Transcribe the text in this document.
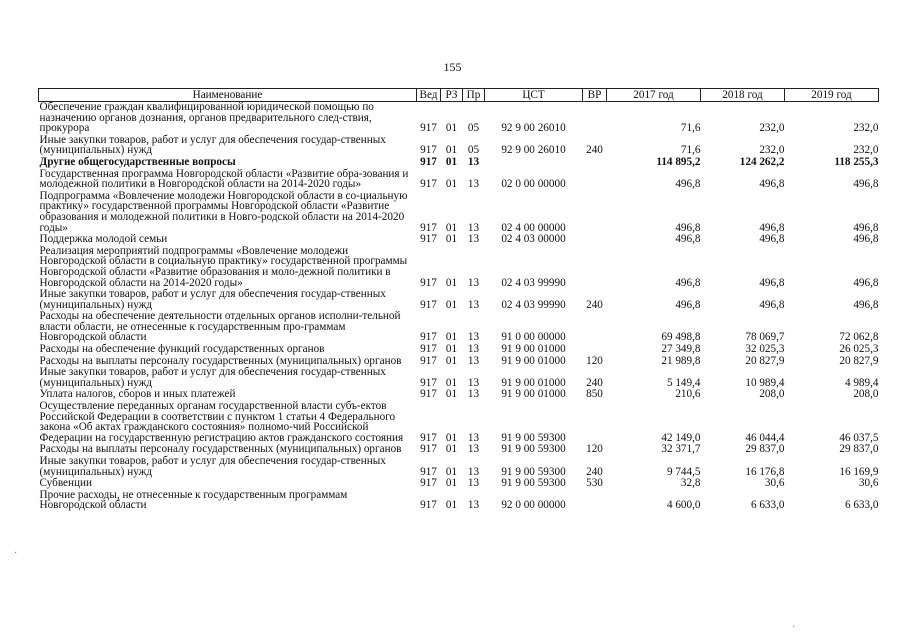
155
Наименование	Вед	РЗ	Пр	ЦСТ	ВР	2017 год	2018 год	2019 год
Обеспечение граждан квалифицированной юридической помощью по назначению органов дознания, органов предварительного след-ствия, прокурора	917	01	05	92 9 00 26010		71,6	232,0	232,0
Иные закупки товаров, работ и услуг для обеспечения государ-ственных (муниципальных) нужд	917	01	05	92 9 00 26010	240	71,6	232,0	232,0
Другие общегосударственные вопросы	917	01	13			114 895,2	124 262,2	118 255,3
Государственная программа Новгородской области «Развитие обра-зования и молодежной политики в Новгородской области на 2014-2020 годы»	917	01	13	02 0 00 00000		496,8	496,8	496,8
Подпрограмма «Вовлечение молодежи Новгородской области в со-циальную практику» государственной программы Новгородской области «Развитие образования и молодежной политики в Новго-родской области на 2014-2020 годы»	917	01	13	02 4 00 00000		496,8	496,8	496,8
Поддержка молодой семьи	917	01	13	02 4 03 00000		496,8	496,8	496,8
Реализация мероприятий подпрограммы «Вовлечение молодежи Новгородской области в социальную практику» государственной программы Новгородской области «Развитие образования и моло-дежной политики в Новгородской области на 2014-2020 годы»	917	01	13	02 4 03 99990		496,8	496,8	496,8
Иные закупки товаров, работ и услуг для обеспечения государ-ственных (муниципальных) нужд	917	01	13	02 4 03 99990	240	496,8	496,8	496,8
Расходы на обеспечение деятельности отдельных органов исполни-тельной власти области, не отнесенные к государственным про-граммам Новгородской области	917	01	13	91 0 00 00000		69 498,8	78 069,7	72 062,8
Расходы на обеспечение функций государственных органов	917	01	13	91 9 00 01000		27 349,8	32 025,3	26 025,3
Расходы на выплаты персоналу государственных (муниципальных) органов	917	01	13	91 9 00 01000	120	21 989,8	20 827,9	20 827,9
Иные закупки товаров, работ и услуг для обеспечения государ-ственных (муниципальных) нужд	917	01	13	91 9 00 01000	240	5 149,4	10 989,4	4 989,4
Уплата налогов, сборов и иных платежей	917	01	13	91 9 00 01000	850	210,6	208,0	208,0
Осуществление переданных органам государственной власти субъ-ектов Российской Федерации в соответствии с пунктом 1 статьи 4 Федерального закона «Об актах гражданского состояния» полномо-чий Российской Федерации на государственную регистрацию актов гражданского состояния	917	01	13	91 9 00 59300		42 149,0	46 044,4	46 037,5
Расходы на выплаты персоналу государственных (муниципальных) органов	917	01	13	91 9 00 59300	120	32 371,7	29 837,0	29 837,0
Иные закупки товаров, работ и услуг для обеспечения государ-ственных (муниципальных) нужд	917	01	13	91 9 00 59300	240	9 744,5	16 176,8	16 169,9
Субвенции	917	01	13	91 9 00 59300	530	32,8	30,6	30,6
Прочие расходы, не отнесенные к государственным программам Новгородской области	917	01	13	92 0 00 00000		4 600,0	6 633,0	6 633,0
·
·
